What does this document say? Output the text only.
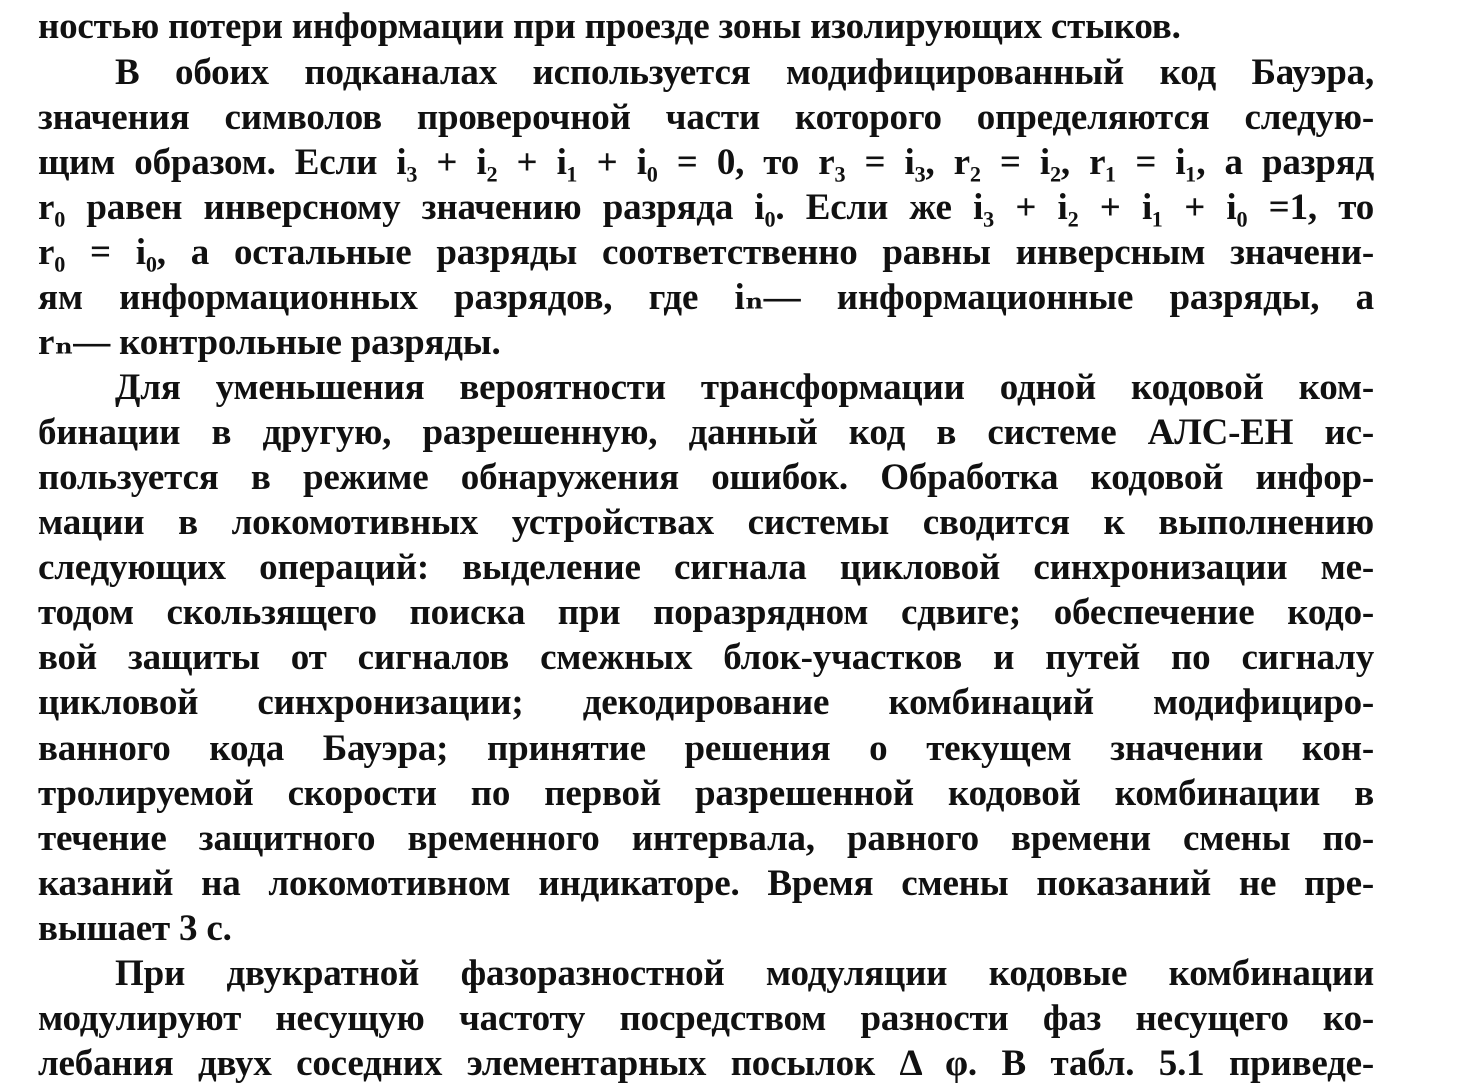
ностью потери информации при проезде зоны изолирующих стыков.
В обоих подканалах используется модифицированный код Бауэра,
значения символов проверочной части которого определяются следую-
щим образом. Если i₃ + i₂ + i₁ + i₀ = 0, то r₃ = i₃, r₂ = i₂, r₁ = i₁, а разряд
r₀ равен инверсному значению разряда i₀. Если же i₃ + i₂ + i₁ + i₀ =1, то
r₀ = i₀, а остальные разряды соответственно равны инверсным значени-
ям информационных разрядов, где iₙ— информационные разряды, а
rₙ— контрольные разряды.
Для уменьшения вероятности трансформации одной кодовой ком-
бинации в другую, разрешенную, данный код в системе АЛС-ЕН ис-
пользуется в режиме обнаружения ошибок. Обработка кодовой инфор-
мации в локомотивных устройствах системы сводится к выполнению
следующих операций: выделение сигнала цикловой синхронизации ме-
тодом скользящего поиска при поразрядном сдвиге; обеспечение кодо-
вой защиты от сигналов смежных блок-участков и путей по сигналу
цикловой синхронизации; декодирование комбинаций модифициро-
ванного кода Бауэра; принятие решения о текущем значении кон-
тролируемой скорости по первой разрешенной кодовой комбинации в
течение защитного временного интервала, равного времени смены по-
казаний на локомотивном индикаторе. Время смены показаний не пре-
вышает 3 с.
При двукратной фазоразностной модуляции кодовые комбинации
модулируют несущую частоту посредством разности фаз несущего ко-
лебания двух соседних элементарных посылок Δ φ. В табл. 5.1 приведе-
